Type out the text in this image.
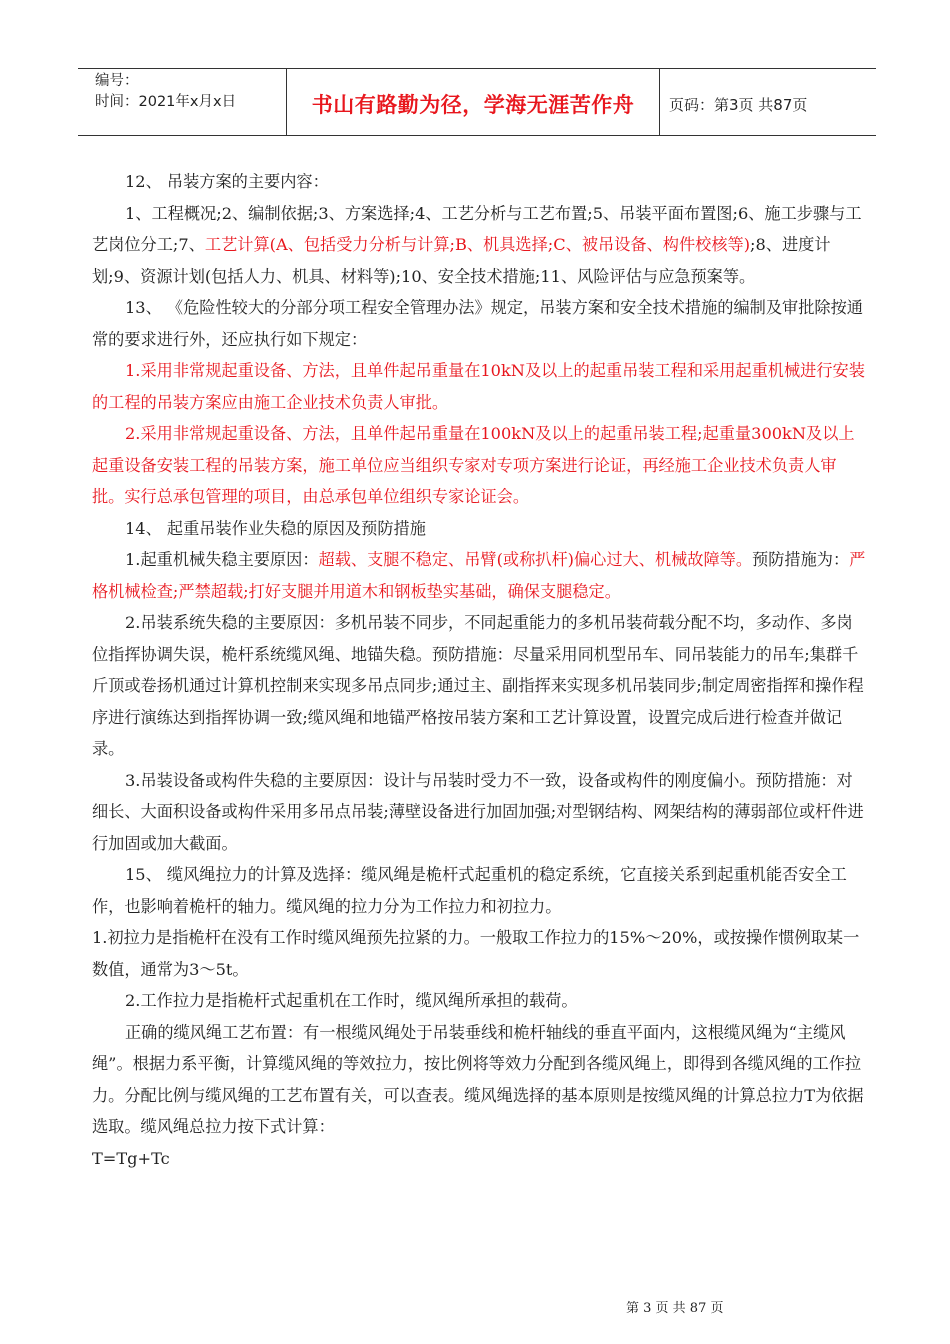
编号：
时间：2021年x月x日	书山有路勤为径，学海无涯苦作舟	页码：第3页 共87页

12、 吊装方案的主要内容：

1、工程概况;2、编制依据;3、方案选择;4、工艺分析与工艺布置;5、吊装平面布置图;6、施工步骤与工艺岗位分工;7、工艺计算(A、包括受力分析与计算;B、机具选择;C、被吊设备、构件校核等);8、进度计划;9、资源计划(包括人力、机具、材料等);10、安全技术措施;11、风险评估与应急预案等。

13、 《危险性较大的分部分项工程安全管理办法》规定，吊装方案和安全技术措施的编制及审批除按通常的要求进行外，还应执行如下规定：

1.采用非常规起重设备、方法，且单件起吊重量在10kN及以上的起重吊装工程和采用起重机械进行安装的工程的吊装方案应由施工企业技术负责人审批。

2.采用非常规起重设备、方法，且单件起吊重量在100kN及以上的起重吊装工程;起重量300kN及以上起重设备安装工程的吊装方案，施工单位应当组织专家对专项方案进行论证，再经施工企业技术负责人审批。实行总承包管理的项目，由总承包单位组织专家论证会。

14、 起重吊装作业失稳的原因及预防措施

1.起重机械失稳主要原因：超载、支腿不稳定、吊臂(或称扒杆)偏心过大、机械故障等。预防措施为：严格机械检查;严禁超载;打好支腿并用道木和钢板垫实基础，确保支腿稳定。

2.吊装系统失稳的主要原因：多机吊装不同步，不同起重能力的多机吊装荷载分配不均，多动作、多岗位指挥协调失误，桅杆系统缆风绳、地锚失稳。预防措施：尽量采用同机型吊车、同吊装能力的吊车;集群千斤顶或卷扬机通过计算机控制来实现多吊点同步;通过主、副指挥来实现多机吊装同步;制定周密指挥和操作程序进行演练达到指挥协调一致;缆风绳和地锚严格按吊装方案和工艺计算设置，设置完成后进行检查并做记录。

3.吊装设备或构件失稳的主要原因：设计与吊装时受力不一致，设备或构件的刚度偏小。预防措施：对细长、大面积设备或构件采用多吊点吊装;薄壁设备进行加固加强;对型钢结构、网架结构的薄弱部位或杆件进行加固或加大截面。

15、 缆风绳拉力的计算及选择：缆风绳是桅杆式起重机的稳定系统，它直接关系到起重机能否安全工作，也影响着桅杆的轴力。缆风绳的拉力分为工作拉力和初拉力。

1.初拉力是指桅杆在没有工作时缆风绳预先拉紧的力。一般取工作拉力的15%～20%，或按操作惯例取某一数值，通常为3～5t。

2.工作拉力是指桅杆式起重机在工作时，缆风绳所承担的载荷。

正确的缆风绳工艺布置：有一根缆风绳处于吊装垂线和桅杆轴线的垂直平面内，这根缆风绳为“主缆风绳”。根据力系平衡，计算缆风绳的等效拉力，按比例将等效力分配到各缆风绳上，即得到各缆风绳的工作拉力。分配比例与缆风绳的工艺布置有关，可以查表。缆风绳选择的基本原则是按缆风绳的计算总拉力T为依据选取。缆风绳总拉力按下式计算：

T=Tg+Tc

第 3 页 共 87 页
